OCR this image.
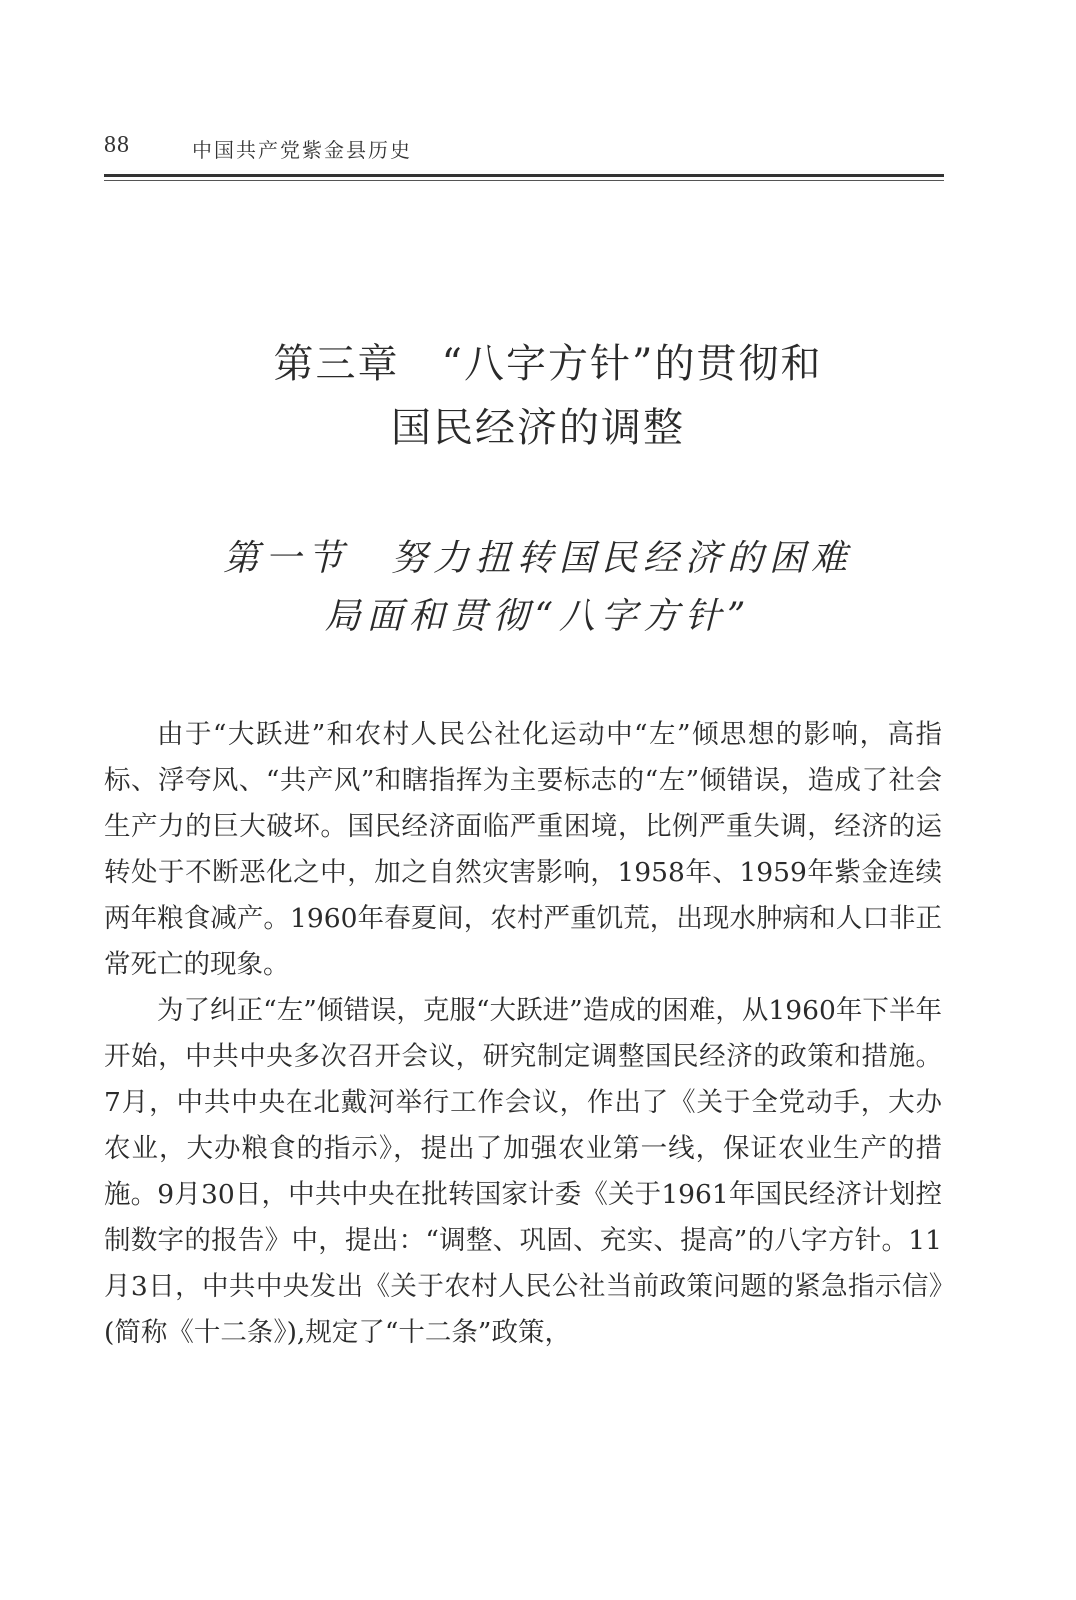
88	中国共产党紫金县历史
第三章　“八字方针”的贯彻和
国民经济的调整
第一节　努力扭转国民经济的困难
局面和贯彻“八字方针”

由于“大跃进”和农村人民公社化运动中“左”倾思想的影响，高指标、浮夸风、“共产风”和瞎指挥为主要标志的“左”倾错误，造成了社会生产力的巨大破坏。国民经济面临严重困境，比例严重失调，经济的运转处于不断恶化之中，加之自然灾害影响，1958年、1959年紫金连续两年粮食减产。1960年春夏间，农村严重饥荒，出现水肿病和人口非正常死亡的现象。

为了纠正“左”倾错误，克服“大跃进”造成的困难，从1960年下半年开始，中共中央多次召开会议，研究制定调整国民经济的政策和措施。7月，中共中央在北戴河举行工作会议，作出了《关于全党动手，大办农业，大办粮食的指示》，提出了加强农业第一线，保证农业生产的措施。9月30日，中共中央在批转国家计委《关于1961年国民经济计划控制数字的报告》中，提出：“调整、巩固、充实、提高”的八字方针。11月3日，中共中央发出《关于农村人民公社当前政策问题的紧急指示信》(简称《十二条》),规定了“十二条”政策，
